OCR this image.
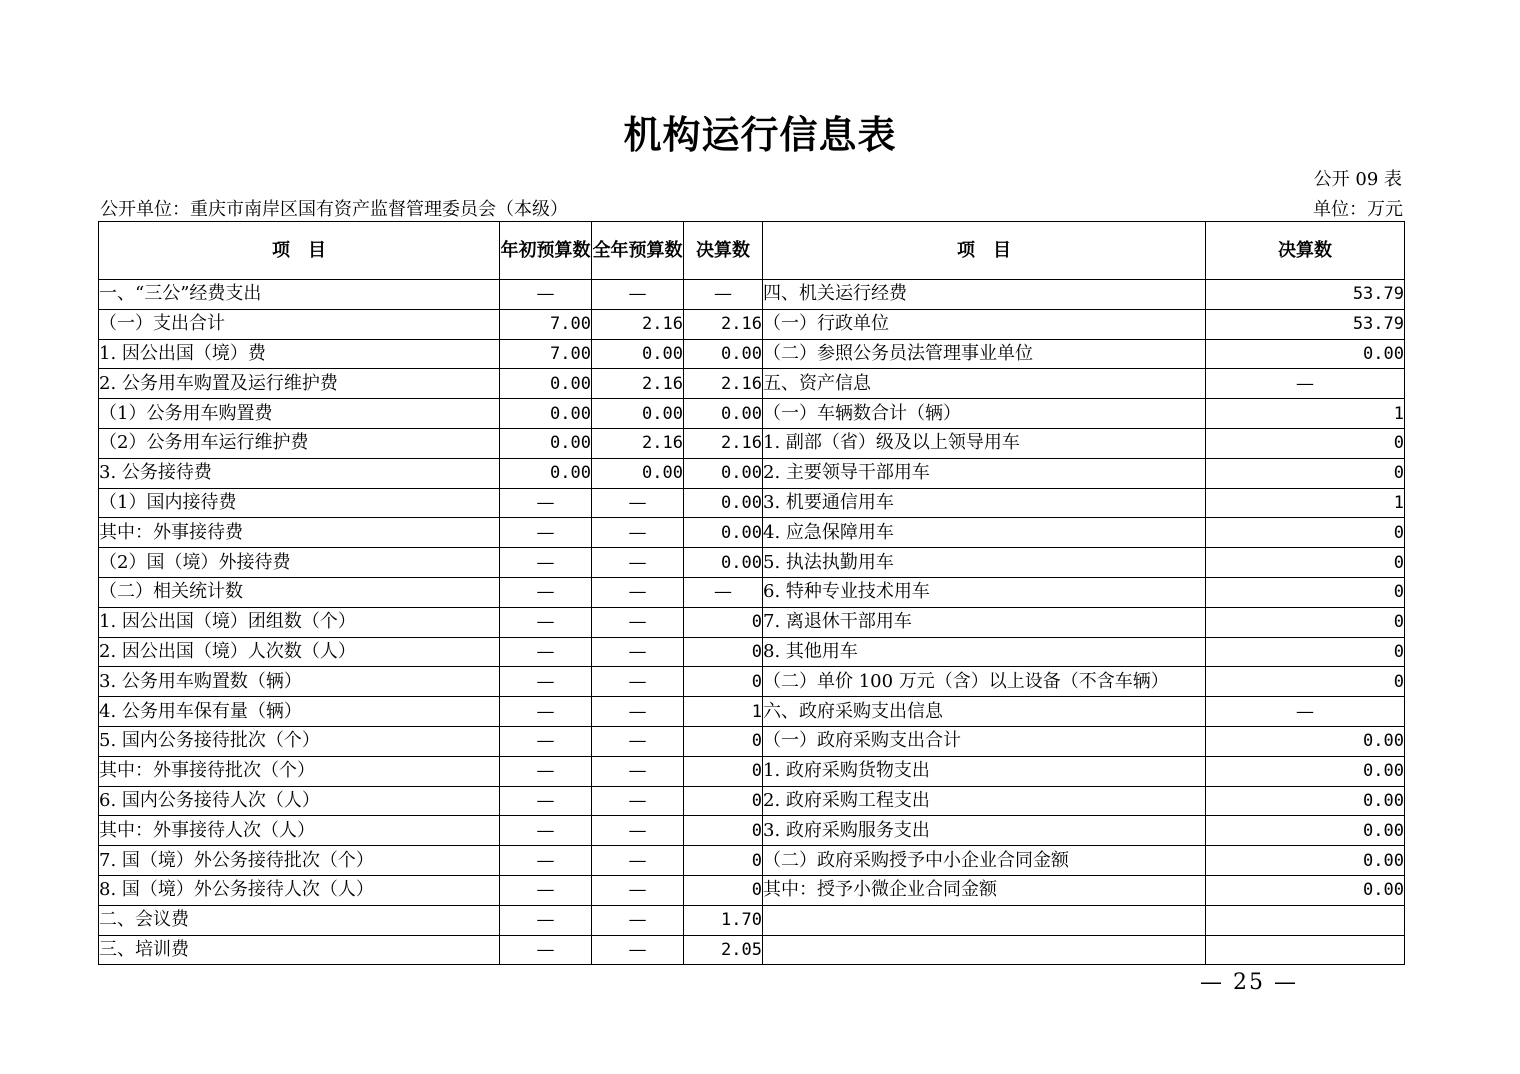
机构运行信息表
公开 09 表
公开单位：重庆市南岸区国有资产监督管理委员会（本级）	单位：万元
项　目	年初预算数	全年预算数	决算数	项　目	决算数
一、“三公”经费支出	—	—	—	四、机关运行经费	53.79
（一）支出合计	7.00	2.16	2.16	（一）行政单位	53.79
1. 因公出国（境）费	7.00	0.00	0.00	（二）参照公务员法管理事业单位	0.00
2. 公务用车购置及运行维护费	0.00	2.16	2.16	五、资产信息	—
（1）公务用车购置费	0.00	0.00	0.00	（一）车辆数合计（辆）	1
（2）公务用车运行维护费	0.00	2.16	2.16	1. 副部（省）级及以上领导用车	0
3. 公务接待费	0.00	0.00	0.00	2. 主要领导干部用车	0
（1）国内接待费	—	—	0.00	3. 机要通信用车	1
其中：外事接待费	—	—	0.00	4. 应急保障用车	0
（2）国（境）外接待费	—	—	0.00	5. 执法执勤用车	0
（二）相关统计数	—	—	—	6. 特种专业技术用车	0
1. 因公出国（境）团组数（个）	—	—	0	7. 离退休干部用车	0
2. 因公出国（境）人次数（人）	—	—	0	8. 其他用车	0
3. 公务用车购置数（辆）	—	—	0	（二）单价 100 万元（含）以上设备（不含车辆）	0
4. 公务用车保有量（辆）	—	—	1	六、政府采购支出信息	—
5. 国内公务接待批次（个）	—	—	0	（一）政府采购支出合计	0.00
其中：外事接待批次（个）	—	—	0	1. 政府采购货物支出	0.00
6. 国内公务接待人次（人）	—	—	0	2. 政府采购工程支出	0.00
其中：外事接待人次（人）	—	—	0	3. 政府采购服务支出	0.00
7. 国（境）外公务接待批次（个）	—	—	0	（二）政府采购授予中小企业合同金额	0.00
8. 国（境）外公务接待人次（人）	—	—	0	其中：授予小微企业合同金额	0.00
二、会议费	—	—	1.70		
三、培训费	—	—	2.05		
— 25 —
